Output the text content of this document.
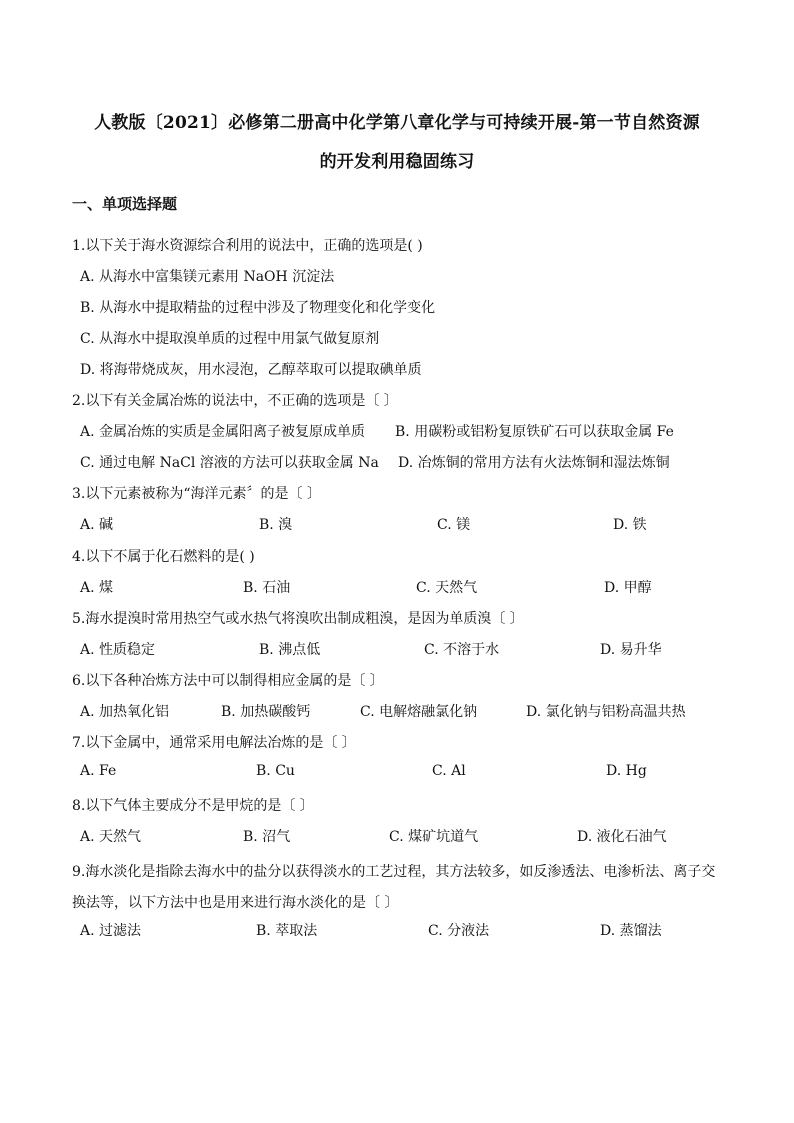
人教版〔2021〕必修第二册高中化学第八章化学与可持续开展-第一节自然资源
的开发利用稳固练习
一、单项选择题
1.以下关于海水资源综合利用的说法中，正确的选项是( )
A. 从海水中富集镁元素用 NaOH 沉淀法
B. 从海水中提取精盐的过程中涉及了物理变化和化学变化
C. 从海水中提取溴单质的过程中用氯气做复原剂
D. 将海带烧成灰，用水浸泡，乙醇萃取可以提取碘单质
2.以下有关金属冶炼的说法中，不正确的选项是〔 〕
A. 金属冶炼的实质是金属阳离子被复原成单质 B. 用碳粉或铝粉复原铁矿石可以获取金属 Fe
C. 通过电解 NaCl 溶液的方法可以获取金属 Na D. 冶炼铜的常用方法有火法炼铜和湿法炼铜
3.以下元素被称为“海洋元素〞的是〔 〕
A. 碱	B. 溴	C. 镁	D. 铁
4.以下不属于化石燃料的是( )
A. 煤	B. 石油	C. 天然气	D. 甲醇
5.海水提溴时常用热空气或水热气将溴吹出制成粗溴，是因为单质溴〔 〕
A. 性质稳定	B. 沸点低	C. 不溶于水	D. 易升华
6.以下各种冶炼方法中可以制得相应金属的是〔 〕
A. 加热氧化铝	B. 加热碳酸钙	C. 电解熔融氯化钠	D. 氯化钠与铝粉高温共热
7.以下金属中，通常采用电解法冶炼的是〔 〕
A. Fe	B. Cu	C. Al	D. Hg
8.以下气体主要成分不是甲烷的是〔 〕
A. 天然气	B. 沼气	C. 煤矿坑道气	D. 液化石油气
9.海水淡化是指除去海水中的盐分以获得淡水的工艺过程，其方法较多，如反渗透法、电渗析法、离子交换法等，以下方法中也是用来进行海水淡化的是〔 〕
A. 过滤法	B. 萃取法	C. 分液法	D. 蒸馏法
